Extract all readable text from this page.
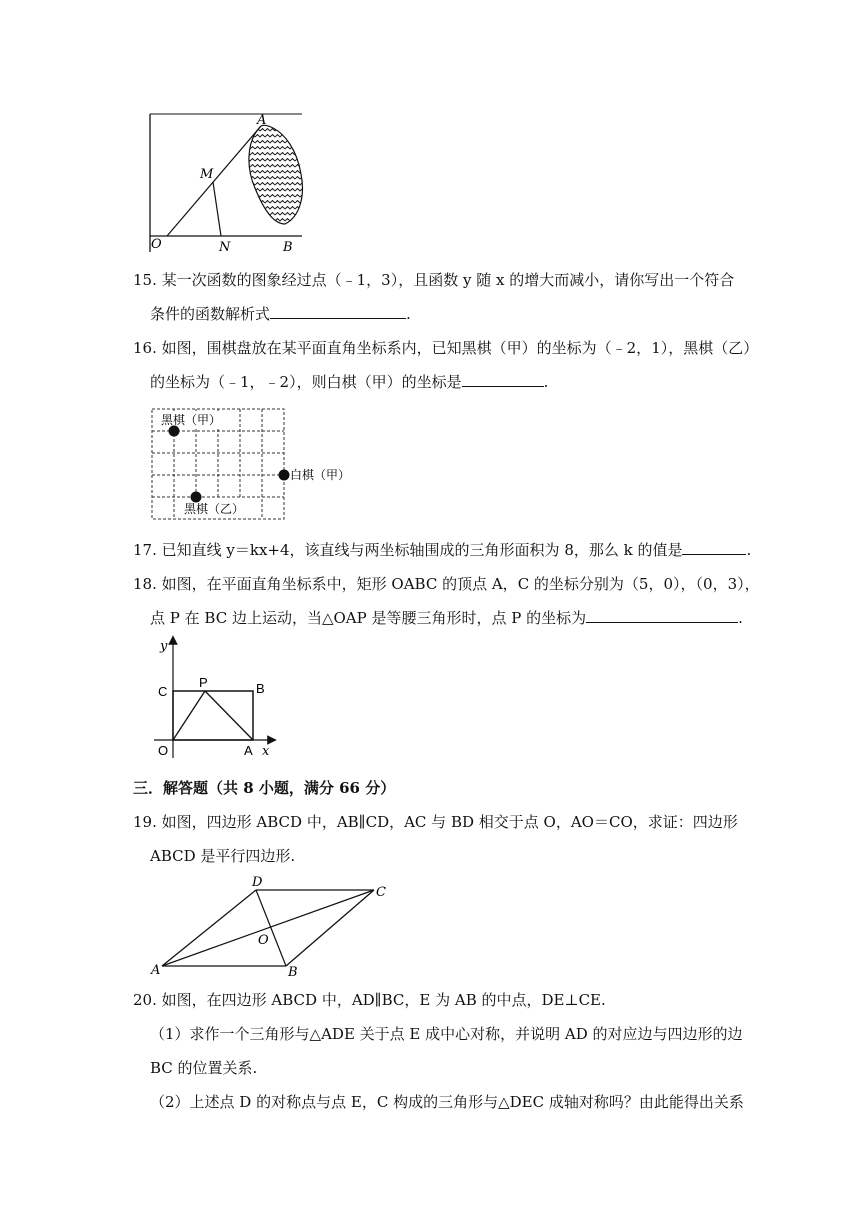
A
M
O	N	B
15. 某一次函数的图象经过点（﹣1，3），且函数 y 随 x 的增大而减小，请你写出一个符合
条件的函数解析式	.
16. 如图，围棋盘放在某平面直角坐标系内，已知黑棋（甲）的坐标为（﹣2，1），黑棋（乙）
的坐标为（﹣1，﹣2），则白棋（甲）的坐标是	.
黑棋（甲）
白棋（甲）
黑棋（乙）
17. 已知直线 y＝kx+4，该直线与两坐标轴围成的三角形面积为 8，那么 k 的值是	.
18. 如图，在平面直角坐标系中，矩形 OABC 的顶点 A，C 的坐标分别为（5，0），（0，3），
点 P 在 BC 边上运动，当△OAP 是等腰三角形时，点 P 的坐标为	.
y
x
C
P	B
O	A
三．解答题（共 8 小题，满分 66 分）
19. 如图，四边形 ABCD 中，AB∥CD，AC 与 BD 相交于点 O，AO＝CO，求证：四边形
ABCD 是平行四边形.
D
C
O
A	B
20. 如图，在四边形 ABCD 中，AD∥BC，E 为 AB 的中点，DE⊥CE.
（1）求作一个三角形与△ADE 关于点 E 成中心对称，并说明 AD 的对应边与四边形的边
BC 的位置关系.
（2）上述点 D 的对称点与点 E，C 构成的三角形与△DEC 成轴对称吗？由此能得出关系
